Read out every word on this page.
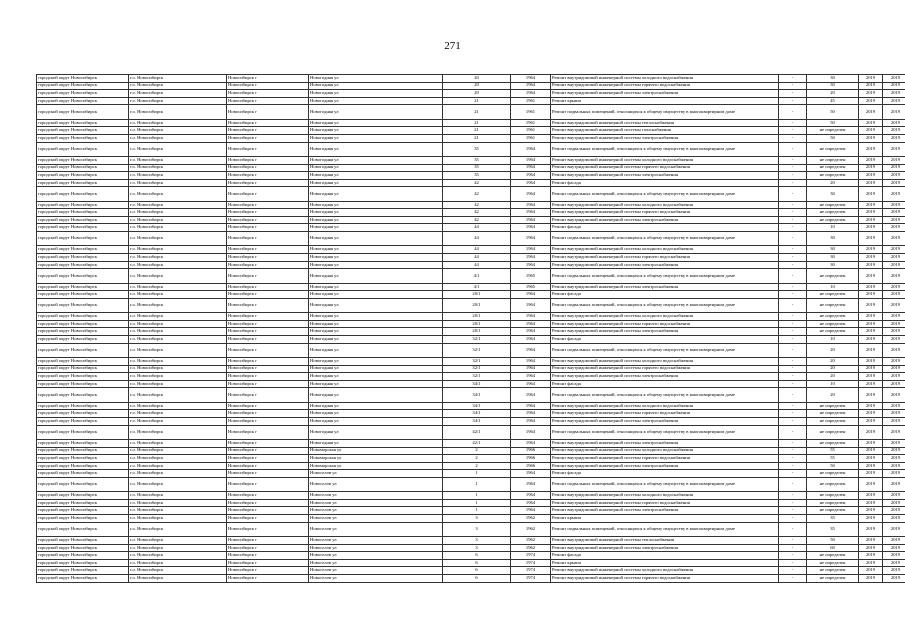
271
городской округ Новосибирск	г.о. Новосибирск	Новосибирск г	Новогодняя ул	20	1964	Ремонт внутридомовой инженерной системы холодного водоснабжения	-	30	2019	2019
городской округ Новосибирск	г.о. Новосибирск	Новосибирск г	Новогодняя ул	20	1964	Ремонт внутридомовой инженерной системы горячего водоснабжения	-	30	2019	2019
городской округ Новосибирск	г.о. Новосибирск	Новосибирск г	Новогодняя ул	20	1964	Ремонт внутридомовой инженерной системы электроснабжения	-	20	2019	2019
городской округ Новосибирск	г.о. Новосибирск	Новосибирск г	Новогодняя ул	21	1961	Ремонт крыши	-	45	2019	2019
городской округ Новосибирск	г.о. Новосибирск	Новосибирск г	Новогодняя ул	21	1961	Ремонт подвальных помещений, относящихся к общему имуществу в многоквартирном доме	-	50	2019	2019
городской округ Новосибирск	г.о. Новосибирск	Новосибирск г	Новогодняя ул	21	1961	Ремонт внутридомовой инженерной системы теплоснабжения	-	50	2019	2019
городской округ Новосибирск	г.о. Новосибирск	Новосибирск г	Новогодняя ул	21	1961	Ремонт внутридомовой инженерной системы газоснабжения	-	не определен	2019	2019
городской округ Новосибирск	г.о. Новосибирск	Новосибирск г	Новогодняя ул	21	1961	Ремонт внутридомовой инженерной системы электроснабжения	-	50	2019	2019
городской округ Новосибирск	г.о. Новосибирск	Новосибирск г	Новогодняя ул	35	1964	Ремонт подвальных помещений, относящихся к общему имуществу в многоквартирном доме	-	не определен	2019	2019
городской округ Новосибирск	г.о. Новосибирск	Новосибирск г	Новогодняя ул	35	1964	Ремонт внутридомовой инженерной системы холодного водоснабжения	-	не определен	2019	2019
городской округ Новосибирск	г.о. Новосибирск	Новосибирск г	Новогодняя ул	35	1964	Ремонт внутридомовой инженерной системы горячего водоснабжения	-	не определен	2019	2019
городской округ Новосибирск	г.о. Новосибирск	Новосибирск г	Новогодняя ул	35	1964	Ремонт внутридомовой инженерной системы электроснабжения	-	не определен	2019	2019
городской округ Новосибирск	г.о. Новосибирск	Новосибирск г	Новогодняя ул	42	1964	Ремонт фасада	-	20	2019	2019
городской округ Новосибирск	г.о. Новосибирск	Новосибирск г	Новогодняя ул	42	1964	Ремонт подвальных помещений, относящихся к общему имуществу в многоквартирном доме	-	30	2019	2019
городской округ Новосибирск	г.о. Новосибирск	Новосибирск г	Новогодняя ул	42	1964	Ремонт внутридомовой инженерной системы холодного водоснабжения	-	не определен	2019	2019
городской округ Новосибирск	г.о. Новосибирск	Новосибирск г	Новогодняя ул	42	1964	Ремонт внутридомовой инженерной системы горячего водоснабжения	-	не определен	2019	2019
городской округ Новосибирск	г.о. Новосибирск	Новосибирск г	Новогодняя ул	42	1964	Ремонт внутридомовой инженерной системы электроснабжения	-	не определен	2019	2019
городской округ Новосибирск	г.о. Новосибирск	Новосибирск г	Новогодняя ул	44	1964	Ремонт фасада	-	10	2019	2019
городской округ Новосибирск	г.о. Новосибирск	Новосибирск г	Новогодняя ул	44	1964	Ремонт подвальных помещений, относящихся к общему имуществу в многоквартирном доме	-	30	2019	2019
городской округ Новосибирск	г.о. Новосибирск	Новосибирск г	Новогодняя ул	44	1964	Ремонт внутридомовой инженерной системы холодного водоснабжения	-	30	2019	2019
городской округ Новосибирск	г.о. Новосибирск	Новосибирск г	Новогодняя ул	44	1964	Ремонт внутридомовой инженерной системы горячего водоснабжения	-	30	2019	2019
городской округ Новосибирск	г.о. Новосибирск	Новосибирск г	Новогодняя ул	44	1964	Ремонт внутридомовой инженерной системы электроснабжения	-	30	2019	2019
городской округ Новосибирск	г.о. Новосибирск	Новосибирск г	Новогодняя ул	4/1	1965	Ремонт подвальных помещений, относящихся к общему имуществу в многоквартирном доме	-	не определен	2019	2019
городской округ Новосибирск	г.о. Новосибирск	Новосибирск г	Новогодняя ул	4/1	1965	Ремонт внутридомовой инженерной системы электроснабжения	-	10	2019	2019
городской округ Новосибирск	г.о. Новосибирск	Новосибирск г	Новогодняя ул	20/1	1964	Ремонт фасада	-	не определен	2019	2019
городской округ Новосибирск	г.о. Новосибирск	Новосибирск г	Новогодняя ул	20/1	1964	Ремонт подвальных помещений, относящихся к общему имуществу в многоквартирном доме	-	не определен	2019	2019
городской округ Новосибирск	г.о. Новосибирск	Новосибирск г	Новогодняя ул	20/1	1964	Ремонт внутридомовой инженерной системы холодного водоснабжения	-	не определен	2019	2019
городской округ Новосибирск	г.о. Новосибирск	Новосибирск г	Новогодняя ул	20/1	1964	Ремонт внутридомовой инженерной системы горячего водоснабжения	-	не определен	2019	2019
городской округ Новосибирск	г.о. Новосибирск	Новосибирск г	Новогодняя ул	20/1	1964	Ремонт внутридомовой инженерной системы электроснабжения	-	не определен	2019	2019
городской округ Новосибирск	г.о. Новосибирск	Новосибирск г	Новогодняя ул	32/1	1964	Ремонт фасада	-	10	2019	2019
городской округ Новосибирск	г.о. Новосибирск	Новосибирск г	Новогодняя ул	32/1	1964	Ремонт подвальных помещений, относящихся к общему имуществу в многоквартирном доме	-	20	2019	2019
городской округ Новосибирск	г.о. Новосибирск	Новосибирск г	Новогодняя ул	32/1	1964	Ремонт внутридомовой инженерной системы холодного водоснабжения	-	20	2019	2019
городской округ Новосибирск	г.о. Новосибирск	Новосибирск г	Новогодняя ул	32/1	1964	Ремонт внутридомовой инженерной системы горячего водоснабжения	-	20	2019	2019
городской округ Новосибирск	г.о. Новосибирск	Новосибирск г	Новогодняя ул	32/1	1964	Ремонт внутридомовой инженерной системы электроснабжения	-	20	2019	2019
городской округ Новосибирск	г.о. Новосибирск	Новосибирск г	Новогодняя ул	34/1	1964	Ремонт фасада	-	10	2019	2019
городской округ Новосибирск	г.о. Новосибирск	Новосибирск г	Новогодняя ул	34/1	1964	Ремонт подвальных помещений, относящихся к общему имуществу в многоквартирном доме	-	20	2019	2019
городской округ Новосибирск	г.о. Новосибирск	Новосибирск г	Новогодняя ул	34/1	1964	Ремонт внутридомовой инженерной системы холодного водоснабжения	-	не определен	2019	2019
городской округ Новосибирск	г.о. Новосибирск	Новосибирск г	Новогодняя ул	34/1	1964	Ремонт внутридомовой инженерной системы горячего водоснабжения	-	не определен	2019	2019
городской округ Новосибирск	г.о. Новосибирск	Новосибирск г	Новогодняя ул	34/1	1964	Ремонт внутридомовой инженерной системы электроснабжения	-	не определен	2019	2019
городской округ Новосибирск	г.о. Новосибирск	Новосибирск г	Новогодняя ул	42/1	1964	Ремонт подвальных помещений, относящихся к общему имуществу в многоквартирном доме	-	не определен	2019	2019
городской округ Новосибирск	г.о. Новосибирск	Новосибирск г	Новогодняя ул	42/1	1964	Ремонт внутридомовой инженерной системы электроснабжения	-	не определен	2019	2019
городской округ Новосибирск	г.о. Новосибирск	Новосибирск г	Новоморская ул	2	1966	Ремонт внутридомовой инженерной системы холодного водоснабжения	-	55	2019	2019
городской округ Новосибирск	г.о. Новосибирск	Новосибирск г	Новоморская ул	2	1966	Ремонт внутридомовой инженерной системы горячего водоснабжения	-	55	2019	2019
городской округ Новосибирск	г.о. Новосибирск	Новосибирск г	Новоморская ул	2	1966	Ремонт внутридомовой инженерной системы электроснабжения	-	50	2019	2019
городской округ Новосибирск	г.о. Новосибирск	Новосибирск г	Новоселов ул	1	1964	Ремонт фасада	-	не определен	2019	2019
городской округ Новосибирск	г.о. Новосибирск	Новосибирск г	Новоселов ул	1	1964	Ремонт подвальных помещений, относящихся к общему имуществу в многоквартирном доме	-	не определен	2019	2019
городской округ Новосибирск	г.о. Новосибирск	Новосибирск г	Новоселов ул	1	1964	Ремонт внутридомовой инженерной системы холодного водоснабжения	-	не определен	2019	2019
городской округ Новосибирск	г.о. Новосибирск	Новосибирск г	Новоселов ул	1	1964	Ремонт внутридомовой инженерной системы горячего водоснабжения	-	не определен	2019	2019
городской округ Новосибирск	г.о. Новосибирск	Новосибирск г	Новоселов ул	1	1964	Ремонт внутридомовой инженерной системы электроснабжения	-	не определен	2019	2019
городской округ Новосибирск	г.о. Новосибирск	Новосибирск г	Новоселов ул	3	1962	Ремонт крыши	-	35	2019	2019
городской округ Новосибирск	г.о. Новосибирск	Новосибирск г	Новоселов ул	3	1962	Ремонт подвальных помещений, относящихся к общему имуществу в многоквартирном доме	-	35	2019	2019
городской округ Новосибирск	г.о. Новосибирск	Новосибирск г	Новоселов ул	3	1962	Ремонт внутридомовой инженерной системы теплоснабжения	-	50	2019	2019
городской округ Новосибирск	г.о. Новосибирск	Новосибирск г	Новоселов ул	3	1962	Ремонт внутридомовой инженерной системы электроснабжения	-	60	2019	2019
городской округ Новосибирск	г.о. Новосибирск	Новосибирск г	Новоселов ул	6	1974	Ремонт фасада	-	не определен	2019	2019
городской округ Новосибирск	г.о. Новосибирск	Новосибирск г	Новоселов ул	6	1974	Ремонт крыши	-	не определен	2019	2019
городской округ Новосибирск	г.о. Новосибирск	Новосибирск г	Новоселов ул	6	1974	Ремонт внутридомовой инженерной системы холодного водоснабжения	-	не определен	2019	2019
городской округ Новосибирск	г.о. Новосибирск	Новосибирск г	Новоселов ул	6	1974	Ремонт внутридомовой инженерной системы горячего водоснабжения	-	не определен	2019	2019
